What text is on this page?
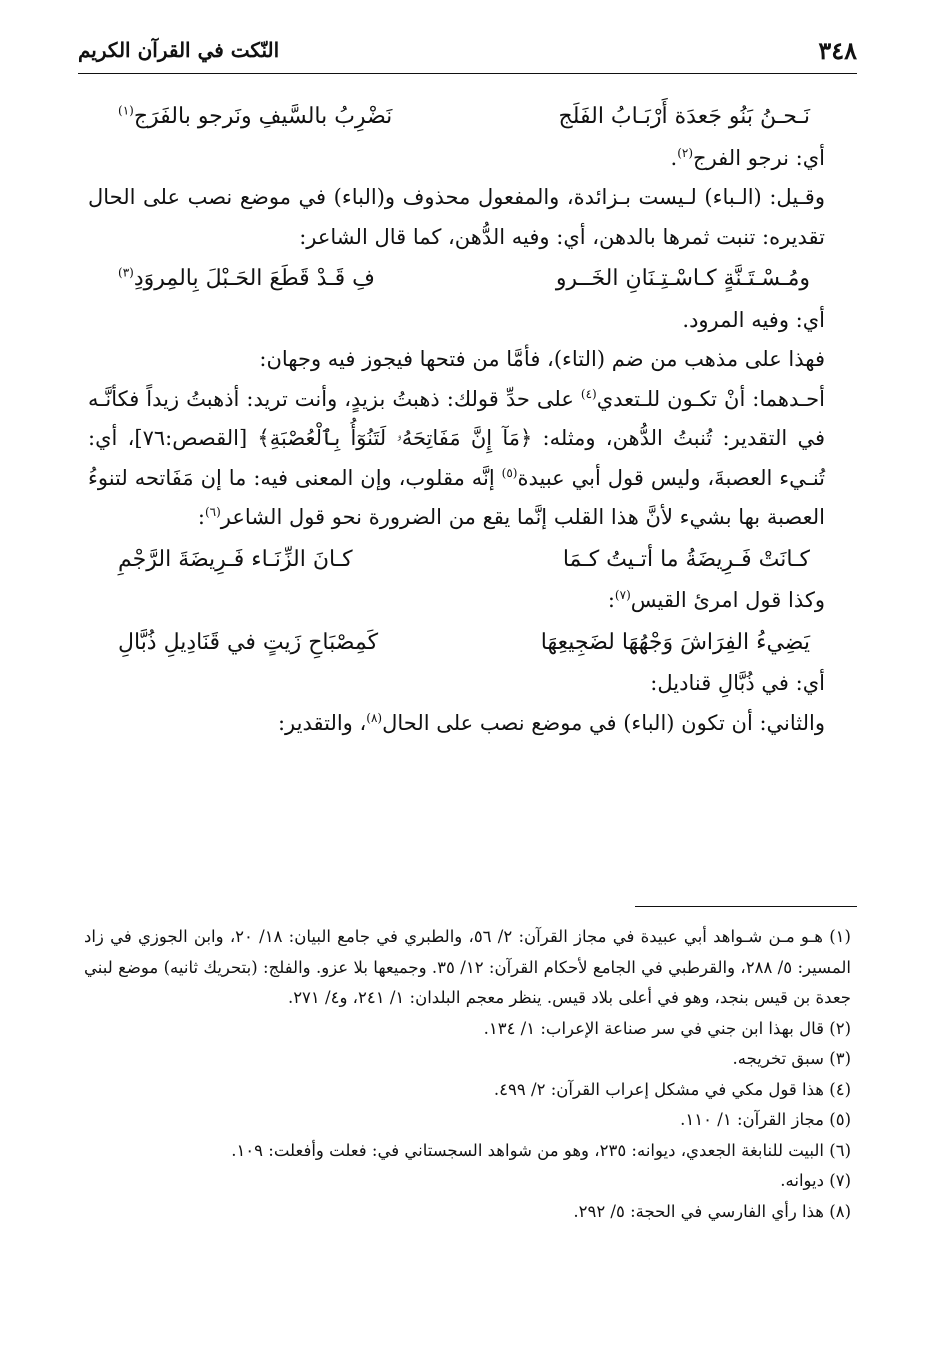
٣٤٨
النّكت في القرآن الكريم
نَـحـنُ بَنُو جَعدَة أَرْبَـابُ الفَلَج
نَضْرِبُ بالسَّيفِ ونَرجو بالفَرَج$^{(١)}$

أي: نرجو الفرج$^{(٢)}$.

وقـيل: (الـباء) لـيست بـزائدة، والمفعول محذوف و(الباء) في موضع نصب على الحال تقديره: تنبت ثمرها بالدهن، أي: وفيه الدُّهن، كما قال الشاعر:

ومُـسْـتَـنَّةٍ كـاسْـتِـنَانِ الخَــرو
فِ قَـدْ قَطَعَ الحَـبْلَ بِالمِروَدِ$^{(٣)}$

أي: وفيه المرود.

فهذا على مذهب من ضم (التاء)، فأمَّا من فتحها فيجوز فيه وجهان:

أحـدهما: أنْ تكـون للـتعدي$^{(٤)}$ على حدِّ قولك: ذهبتُ بزيدٍ، وأنت تريد: أذهبتُ زيداً فكأنَّـه في التقدير: تُنبتُ الدُّهن، ومثله: ﴿مَآ إِنَّ مَفَاتِحَهُۥ لَتَنُوٓأُ بِٱلْعُصْبَةِ﴾ [القصص:٧٦]، أي: تُنـيء العصبةَ، وليس قول أبي عبيدة$^{(٥)}$ إنَّه مقلوب، وإن المعنى فيه: ما إن مَفَاتحه لتنوءُ العصبة بها بشيء لأنَّ هذا القلب إنَّما يقع من الضرورة نحو قول الشاعر$^{(٦)}$:

كـانَتْ فَـرِيضَةُ ما أتـيتُ كـمَا
كـانَ الزِّنَـاء فَـرِيضَةَ الرَّجْمِ

وكذا قول امرئ القيس$^{(٧)}$:

يَضِيءُ الفِرَاشَ وَجْهُهَا لضَجِيعِهَا
كَمِصْبَاحِ زَيتٍ في قَنَادِيلِ ذُبَّالِ

أي: في ذُبَّالِ قناديل:

والثاني: أن تكون (الباء) في موضع نصب على الحال$^{(٨)}$، والتقدير:

(١) هـو مـن شـواهد أبي عبيدة في مجاز القرآن: ٢/ ٥٦، والطبري في جامع البيان: ١٨/ ٢٠، وابن الجوزي في زاد المسير: ٥/ ٢٨٨، والقرطبي في الجامع لأحكام القرآن: ١٢/ ٣٥. وجميعها بلا عزو. والفلج: (بتحريك ثانيه) موضع لبني جعدة بن قيس بنجد، وهو في أعلى بلاد قيس. ينظر معجم البلدان: ١/ ٢٤١، و٤/ ٢٧١.

(٢) قال بهذا ابن جني في سر صناعة الإعراب: ١/ ١٣٤.

(٣) سبق تخريجه.

(٤) هذا قول مكي في مشكل إعراب القرآن: ٢/ ٤٩٩.

(٥) مجاز القرآن: ١/ ١١٠.

(٦) البيت للنابغة الجعدي، ديوانه: ٢٣٥، وهو من شواهد السجستاني في: فعلت وأفعلت: ١٠٩.

(٧) ديوانه.

(٨) هذا رأي الفارسي في الحجة: ٥/ ٢٩٢.
